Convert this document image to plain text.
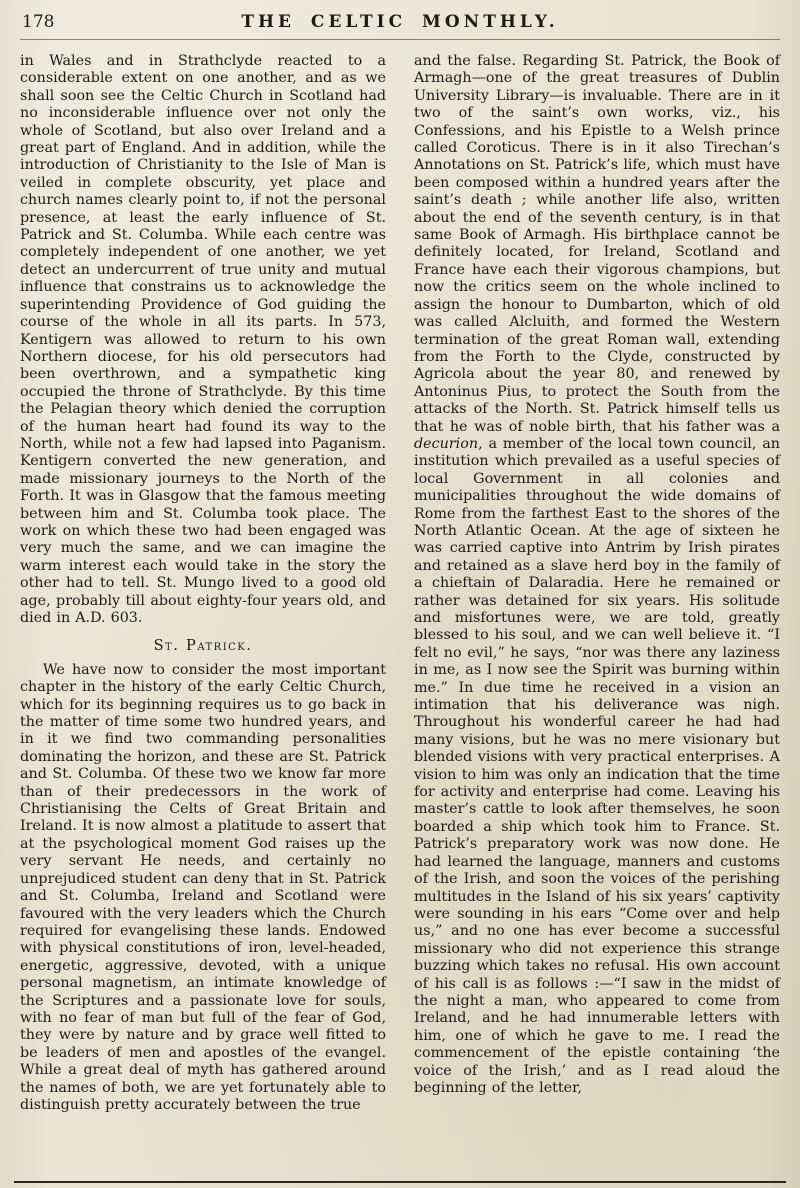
178	THE CELTIC MONTHLY.

in Wales and in Strathclyde reacted to a considerable extent on one another, and as we shall soon see the Celtic Church in Scotland had no inconsiderable influence over not only the whole of Scotland, but also over Ireland and a great part of England. And in addition, while the introduction of Christianity to the Isle of Man is veiled in complete obscurity, yet place and church names clearly point to, if not the personal presence, at least the early influence of St. Patrick and St. Columba. While each centre was completely independent of one another, we yet detect an undercurrent of true unity and mutual influence that constrains us to acknowledge the superintending Providence of God guiding the course of the whole in all its parts. In 573, Kentigern was allowed to return to his own Northern diocese, for his old persecutors had been overthrown, and a sympathetic king occupied the throne of Strathclyde. By this time the Pelagian theory which denied the corruption of the human heart had found its way to the North, while not a few had lapsed into Paganism. Kentigern converted the new generation, and made missionary journeys to the North of the Forth. It was in Glasgow that the famous meeting between him and St. Columba took place. The work on which these two had been engaged was very much the same, and we can imagine the warm interest each would take in the story the other had to tell. St. Mungo lived to a good old age, probably till about eighty-four years old, and died in A.D. 603.

St. Patrick.

We have now to consider the most important chapter in the history of the early Celtic Church, which for its beginning requires us to go back in the matter of time some two hundred years, and in it we find two commanding personalities dominating the horizon, and these are St. Patrick and St. Columba. Of these two we know far more than of their predecessors in the work of Christianising the Celts of Great Britain and Ireland. It is now almost a platitude to assert that at the psychological moment God raises up the very servant He needs, and certainly no unprejudiced student can deny that in St. Patrick and St. Columba, Ireland and Scotland were favoured with the very leaders which the Church required for evangelising these lands. Endowed with physical constitutions of iron, level-headed, energetic, aggressive, devoted, with a unique personal magnetism, an intimate knowledge of the Scriptures and a passionate love for souls, with no fear of man but full of the fear of God, they were by nature and by grace well fitted to be leaders of men and apostles of the evangel. While a great deal of myth has gathered around the names of both, we are yet fortunately able to distinguish pretty accurately between the true

and the false. Regarding St. Patrick, the Book of Armagh—one of the great treasures of Dublin University Library—is invaluable. There are in it two of the saint’s own works, viz., his Confessions, and his Epistle to a Welsh prince called Coroticus. There is in it also Tirechan’s Annotations on St. Patrick’s life, which must have been composed within a hundred years after the saint’s death ; while another life also, written about the end of the seventh century, is in that same Book of Armagh. His birthplace cannot be definitely located, for Ireland, Scotland and France have each their vigorous champions, but now the critics seem on the whole inclined to assign the honour to Dumbarton, which of old was called Alcluith, and formed the Western termination of the great Roman wall, extending from the Forth to the Clyde, constructed by Agricola about the year 80, and renewed by Antoninus Pius, to protect the South from the attacks of the North. St. Patrick himself tells us that he was of noble birth, that his father was a decurion, a member of the local town council, an institution which prevailed as a useful species of local Government in all colonies and municipalities throughout the wide domains of Rome from the farthest East to the shores of the North Atlantic Ocean. At the age of sixteen he was carried captive into Antrim by Irish pirates and retained as a slave herd boy in the family of a chieftain of Dalaradia. Here he remained or rather was detained for six years. His solitude and misfortunes were, we are told, greatly blessed to his soul, and we can well believe it. “I felt no evil,” he says, “nor was there any laziness in me, as I now see the Spirit was burning within me.” In due time he received in a vision an intimation that his deliverance was nigh. Throughout his wonderful career he had had many visions, but he was no mere visionary but blended visions with very practical enterprises. A vision to him was only an indication that the time for activity and enterprise had come. Leaving his master’s cattle to look after themselves, he soon boarded a ship which took him to France. St. Patrick’s preparatory work was now done. He had learned the language, manners and customs of the Irish, and soon the voices of the perishing multitudes in the Island of his six years’ captivity were sounding in his ears “Come over and help us,” and no one has ever become a successful missionary who did not experience this strange buzzing which takes no refusal. His own account of his call is as follows :—“I saw in the midst of the night a man, who appeared to come from Ireland, and he had innumerable letters with him, one of which he gave to me. I read the commencement of the epistle containing ‘the voice of the Irish,’ and as I read aloud the beginning of the letter,
